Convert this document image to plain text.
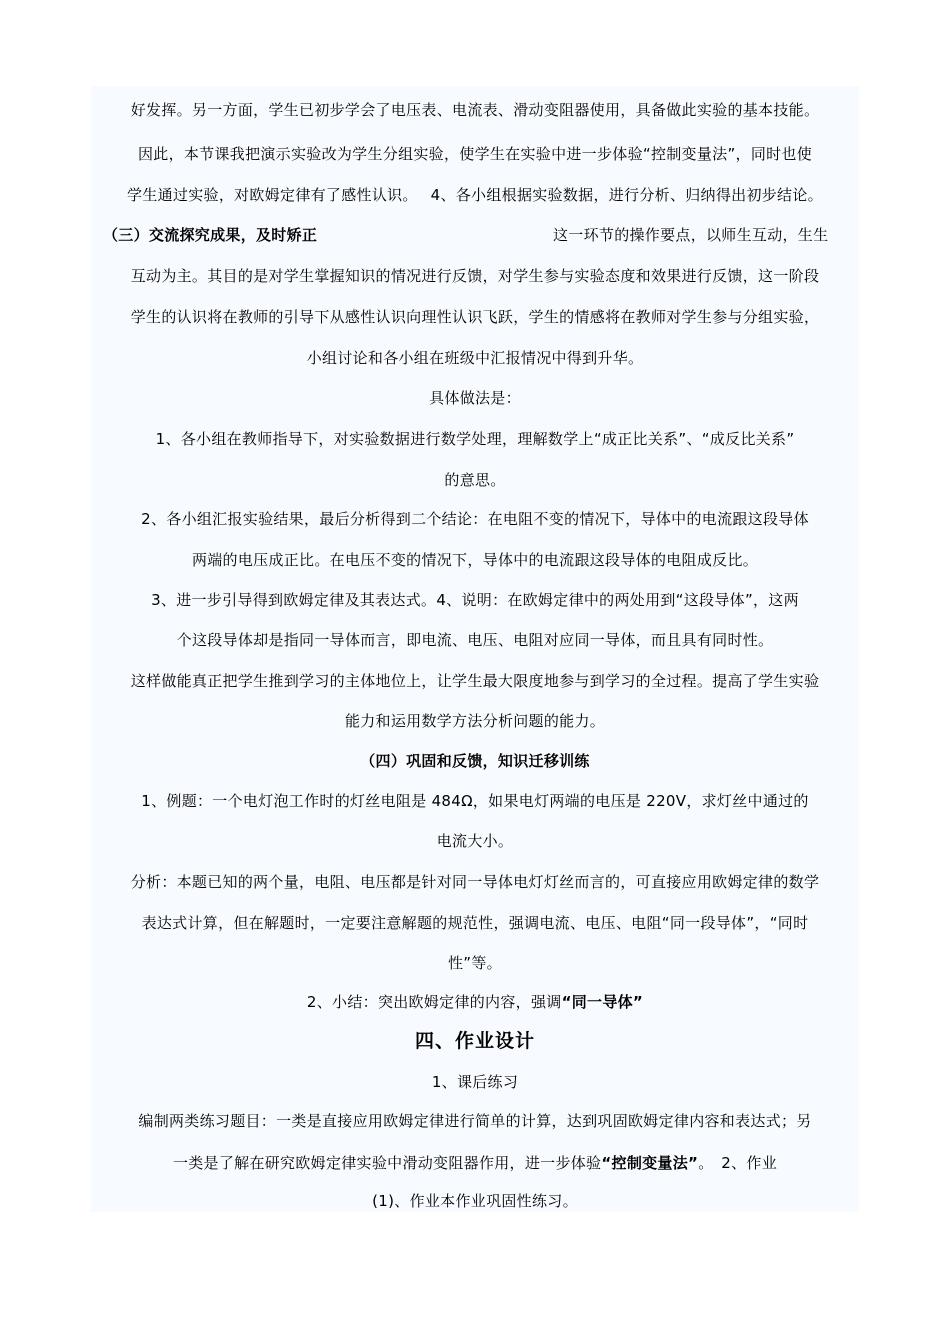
好发挥。另一方面，学生已初步学会了电压表、电流表、滑动变阻器使用，具备做此实验的基本技能。
因此，本节课我把演示实验改为学生分组实验，使学生在实验中进一步体验“控制变量法”，同时也使
学生通过实验，对欧姆定律有了感性认识。　 4、各小组根据实验数据，进行分析、归纳得出初步结论。
（三）交流探究成果，及时矫正	这一环节的操作要点，以师生互动，生生
互动为主。其目的是对学生掌握知识的情况进行反馈，对学生参与实验态度和效果进行反馈，这一阶段
学生的认识将在教师的引导下从感性认识向理性认识飞跃，学生的情感将在教师对学生参与分组实验，
小组讨论和各小组在班级中汇报情况中得到升华。
具体做法是：
1、各小组在教师指导下，对实验数据进行数学处理，理解数学上“成正比关系”、“成反比关系”
的意思。
2、各小组汇报实验结果，最后分析得到二个结论：在电阻不变的情况下，导体中的电流跟这段导体
两端的电压成正比。在电压不变的情况下，导体中的电流跟这段导体的电阻成反比。
3、进一步引导得到欧姆定律及其表达式。4、说明：在欧姆定律中的两处用到“这段导体”，这两
个这段导体却是指同一导体而言，即电流、电压、电阻对应同一导体，而且具有同时性。
这样做能真正把学生推到学习的主体地位上，让学生最大限度地参与到学习的全过程。提高了学生实验
能力和运用数学方法分析问题的能力。
（四）巩固和反馈，知识迁移训练
1、例题：一个电灯泡工作时的灯丝电阻是 484Ω，如果电灯两端的电压是 220V，求灯丝中通过的
电流大小。
分析：本题已知的两个量，电阻、电压都是针对同一导体电灯灯丝而言的，可直接应用欧姆定律的数学
表达式计算，但在解题时，一定要注意解题的规范性，强调电流、电压、电阻“同一段导体”，“同时
性”等。
2、小结：突出欧姆定律的内容，强调“同一导体”
四、作业设计
1、课后练习
编制两类练习题目：一类是直接应用欧姆定律进行简单的计算，达到巩固欧姆定律内容和表达式；另
一类是了解在研究欧姆定律实验中滑动变阻器作用，进一步体验“控制变量法”。　2、作业
(1)、作业本作业巩固性练习。
